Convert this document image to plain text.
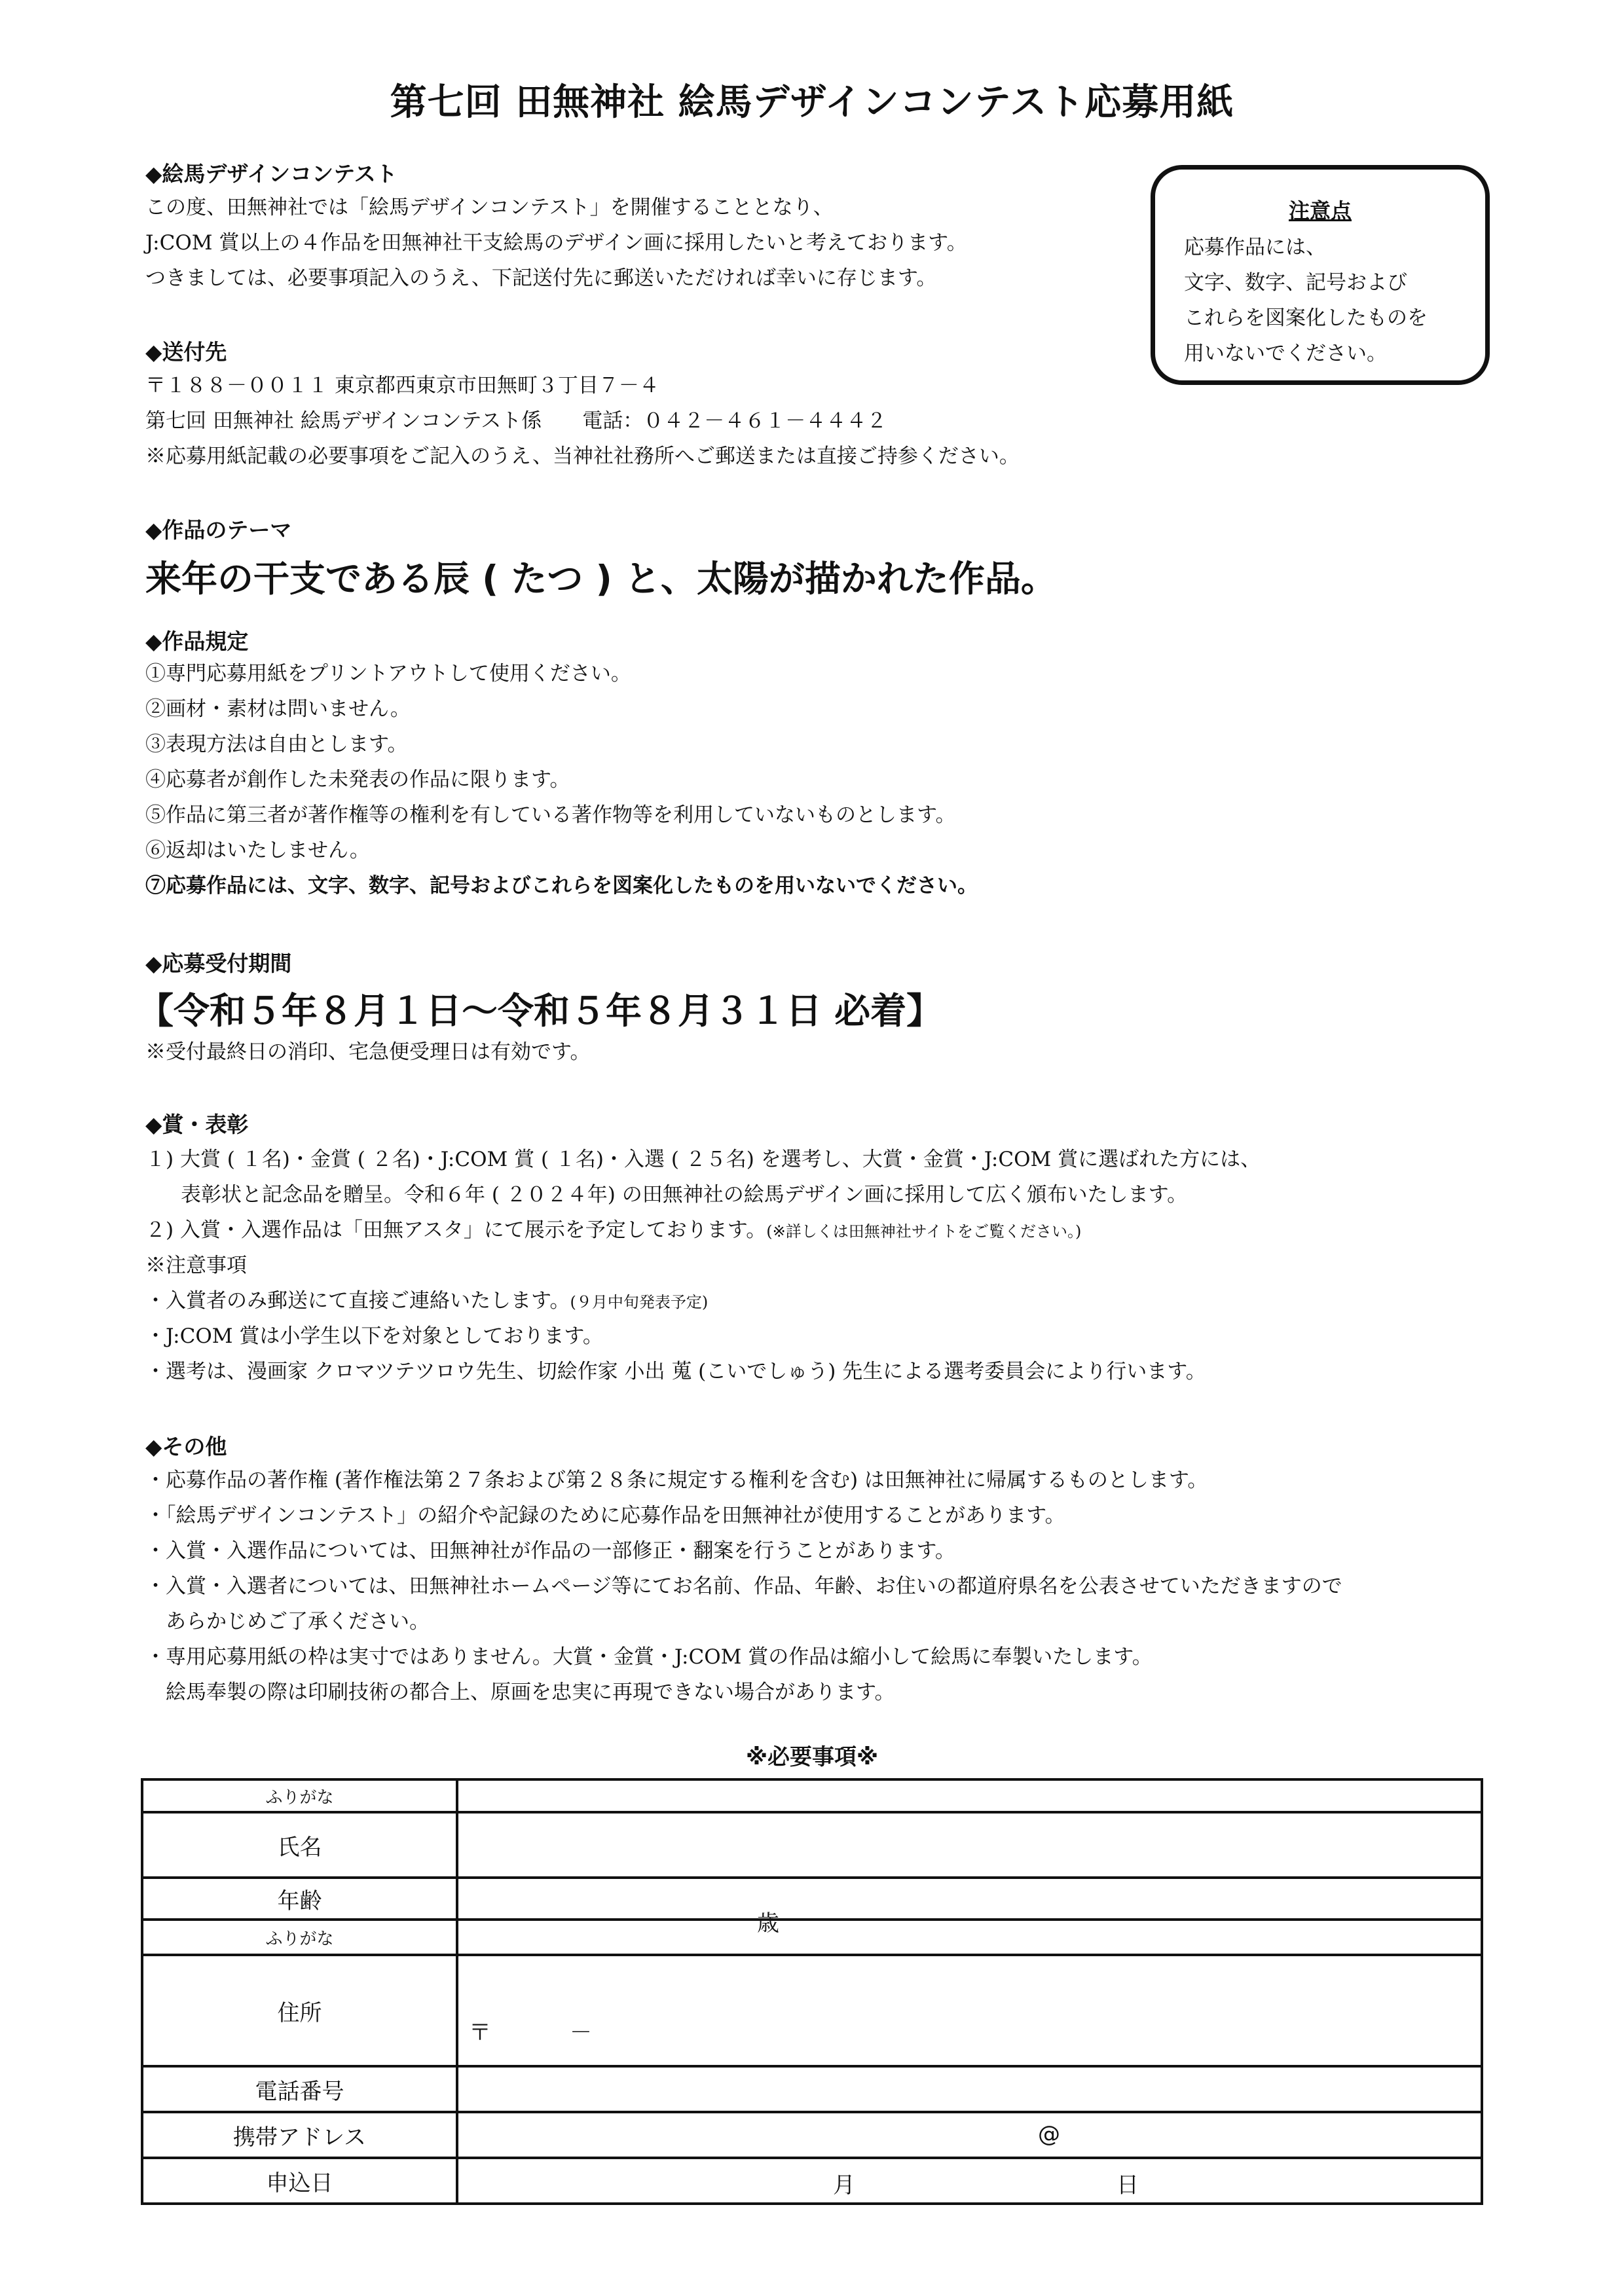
第七回 田無神社 絵馬デザインコンテスト応募用紙
◆絵馬デザインコンテスト
この度、田無神社では「絵馬デザインコンテスト」を開催することとなり、
J:COM 賞以上の４作品を田無神社干支絵馬のデザイン画に採用したいと考えております。
つきましては、必要事項記入のうえ、下記送付先に郵送いただければ幸いに存じます。
注意点
応募作品には、
文字、数字、記号および
これらを図案化したものを
用いないでください。
◆送付先
〒１８８－００１１ 東京都西東京市田無町３丁目７－４
第七回 田無神社 絵馬デザインコンテスト係　　電話：０４２－４６１－４４４２
※応募用紙記載の必要事項をご記入のうえ、当神社社務所へご郵送または直接ご持参ください。
◆作品のテーマ
来年の干支である辰 ( たつ ) と、太陽が描かれた作品。
◆作品規定
①専門応募用紙をプリントアウトして使用ください。
②画材・素材は問いません。
③表現方法は自由とします。
④応募者が創作した未発表の作品に限ります。
⑤作品に第三者が著作権等の権利を有している著作物等を利用していないものとします。
⑥返却はいたしません。
⑦応募作品には、文字、数字、記号およびこれらを図案化したものを用いないでください。
◆応募受付期間
【令和５年８月１日～令和５年８月３１日 必着】
※受付最終日の消印、宅急便受理日は有効です。
◆賞・表彰
１) 大賞 ( １名)・金賞 ( ２名)・J:COM 賞 ( １名)・入選 ( ２５名) を選考し、大賞・金賞・J:COM 賞に選ばれた方には、
表彰状と記念品を贈呈。令和６年 ( ２０２４年) の田無神社の絵馬デザイン画に採用して広く頒布いたします。
２) 入賞・入選作品は「田無アスタ」にて展示を予定しております。(※詳しくは田無神社サイトをご覧ください。)
※注意事項
・入賞者のみ郵送にて直接ご連絡いたします。(９月中旬発表予定)
・J:COM 賞は小学生以下を対象としております。
・選考は、漫画家 クロマツテツロウ先生、切絵作家 小出 蒐 (こいでしゅう) 先生による選考委員会により行います。
◆その他
・応募作品の著作権 (著作権法第２７条および第２８条に規定する権利を含む) は田無神社に帰属するものとします。
・「絵馬デザインコンテスト」の紹介や記録のために応募作品を田無神社が使用することがあります。
・入賞・入選作品については、田無神社が作品の一部修正・翻案を行うことがあります。
・入賞・入選者については、田無神社ホームページ等にてお名前、作品、年齢、お住いの都道府県名を公表させていただきますので
　あらかじめご了承ください。
・専用応募用紙の枠は実寸ではありません。大賞・金賞・J:COM 賞の作品は縮小して絵馬に奉製いたします。
　絵馬奉製の際は印刷技術の都合上、原画を忠実に再現できない場合があります。
※必要事項※
ふりがな	
氏名	
年齢	歳

ふりがな	
住所	〒 －

電話番号	
携帯アドレス	@

申込日	月 日
